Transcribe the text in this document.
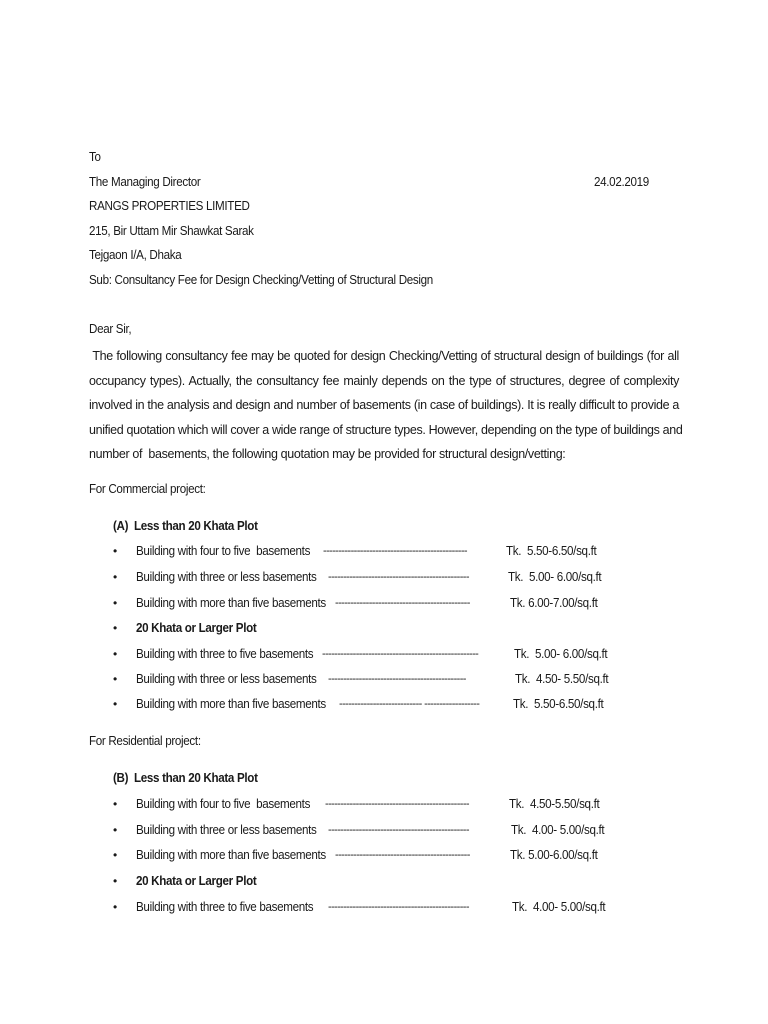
To
The Managing Director	24.02.2019
RANGS PROPERTIES LIMITED
215, Bir Uttam Mir Shawkat Sarak
Tejgaon I/A, Dhaka
Sub: Consultancy Fee for Design Checking/Vetting of Structural Design
Dear Sir,
The following consultancy fee may be quoted for design Checking/Vetting of structural design of buildings (for all
occupancy types). Actually, the consultancy fee mainly depends on the type of structures, degree of complexity
involved in the analysis and design and number of basements (in case of buildings). It is really difficult to provide a
unified quotation which will cover a wide range of structure types. However, depending on the type of buildings and
number of  basements, the following quotation may be provided for structural design/vetting:
For Commercial project:
(A)  Less than 20 Khata Plot
• Building with four to five  basements -----------------------------------------------	Tk.  5.50-6.50/sq.ft
• Building with three or less basements ----------------------------------------------	Tk.  5.00- 6.00/sq.ft
• Building with more than five basements --------------------------------------------	Tk. 6.00-7.00/sq.ft
• 20 Khata or Larger Plot
• Building with three to five basements ---------------------------------------------------	Tk.  5.00- 6.00/sq.ft
• Building with three or less basements ---------------------------------------------	Tk.  4.50- 5.50/sq.ft
• Building with more than five basements --------------------------- ------------------	Tk.  5.50-6.50/sq.ft
For Residential project:
(B)  Less than 20 Khata Plot
• Building with four to five  basements -----------------------------------------------	Tk.  4.50-5.50/sq.ft
• Building with three or less basements ----------------------------------------------	Tk.  4.00- 5.00/sq.ft
• Building with more than five basements --------------------------------------------	Tk. 5.00-6.00/sq.ft
• 20 Khata or Larger Plot
• Building with three to five basements ----------------------------------------------	Tk.  4.00- 5.00/sq.ft
